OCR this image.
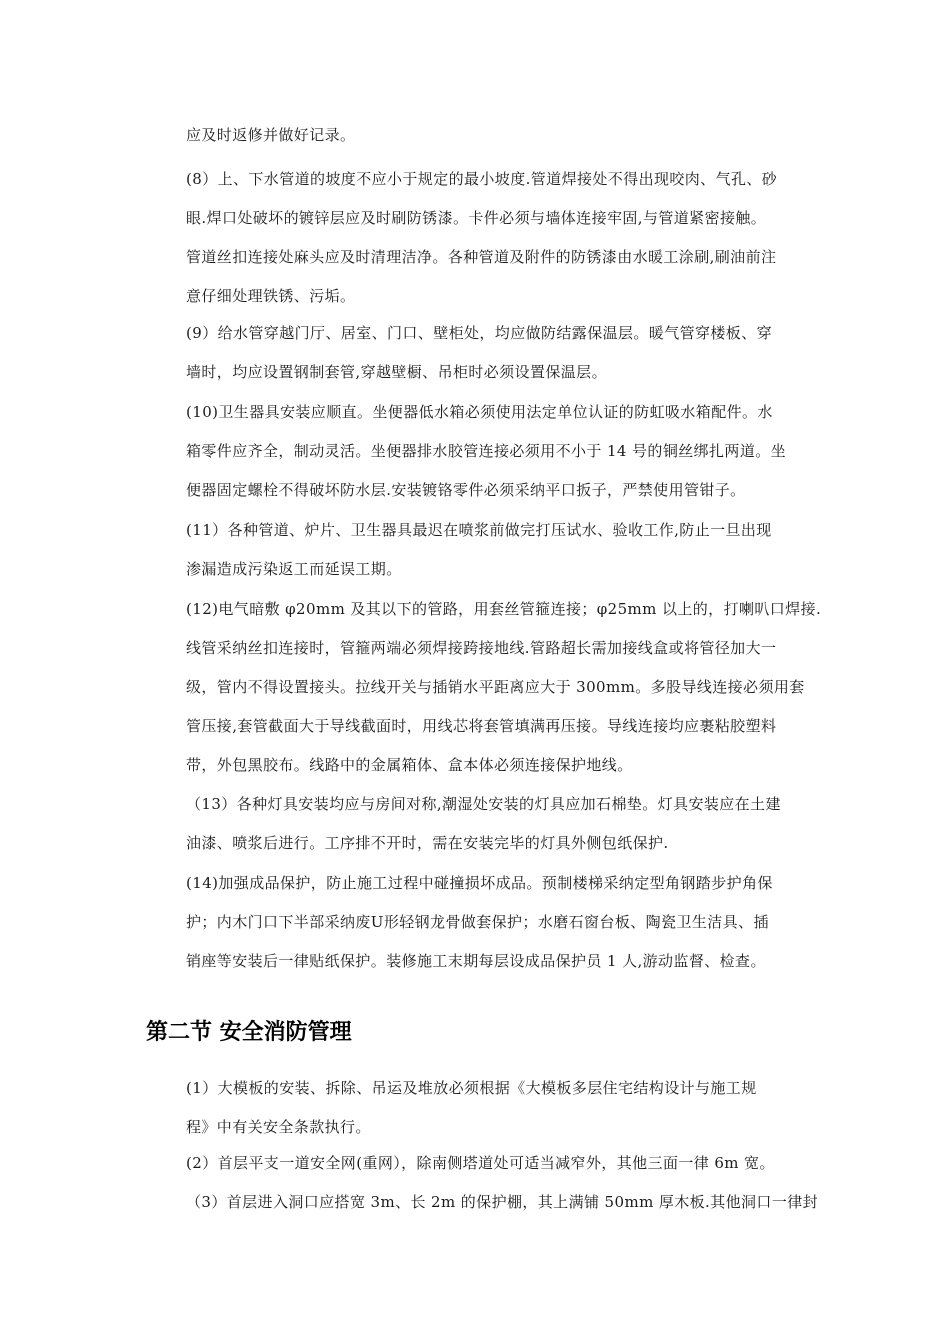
应及时返修并做好记录。

(8）上、下水管道的坡度不应小于规定的最小坡度.管道焊接处不得出现咬肉、气孔、砂
眼.焊口处破坏的镀锌层应及时刷防锈漆。卡件必须与墙体连接牢固,与管道紧密接触。
管道丝扣连接处麻头应及时清理洁净。各种管道及附件的防锈漆由水暖工涂刷,刷油前注
意仔细处理铁锈、污垢。

(9）给水管穿越门厅、居室、门口、壁柜处，均应做防结露保温层。暖气管穿楼板、穿
墙时，均应设置钢制套管,穿越壁橱、吊柜时必须设置保温层。

(10)卫生器具安装应顺直。坐便器低水箱必须使用法定单位认证的防虹吸水箱配件。水
箱零件应齐全，制动灵活。坐便器排水胶管连接必须用不小于 14 号的铜丝绑扎两道。坐
便器固定螺栓不得破坏防水层.安装镀铬零件必须采纳平口扳子，严禁使用管钳子。

(11）各种管道、炉片、卫生器具最迟在喷浆前做完打压试水、验收工作,防止一旦出现
渗漏造成污染返工而延误工期。

(12)电气暗敷 φ20mm 及其以下的管路，用套丝管箍连接；φ25mm 以上的，打喇叭口焊接.
线管采纳丝扣连接时，管箍两端必须焊接跨接地线.管路超长需加接线盒或将管径加大一
级，管内不得设置接头。拉线开关与插销水平距离应大于 300mm。多股导线连接必须用套
管压接,套管截面大于导线截面时，用线芯将套管填满再压接。导线连接均应裹粘胶塑料
带，外包黑胶布。线路中的金属箱体、盒本体必须连接保护地线。

（13）各种灯具安装均应与房间对称,潮湿处安装的灯具应加石棉垫。灯具安装应在土建
油漆、喷浆后进行。工序排不开时，需在安装完毕的灯具外侧包纸保护.

(14)加强成品保护，防止施工过程中碰撞损坏成品。预制楼梯采纳定型角钢踏步护角保
护；内木门口下半部采纳废U形轻钢龙骨做套保护；水磨石窗台板、陶瓷卫生洁具、插
销座等安装后一律贴纸保护。装修施工末期每层设成品保护员 1 人,游动监督、检查。

第二节 安全消防管理

(1）大模板的安装、拆除、吊运及堆放必须根据《大模板多层住宅结构设计与施工规
程》中有关安全条款执行。

(2）首层平支一道安全网(重网），除南侧塔道处可适当减窄外，其他三面一律 6m 宽。

（3）首层进入洞口应搭宽 3m、长 2m 的保护棚，其上满铺 50mm 厚木板.其他洞口一律封
